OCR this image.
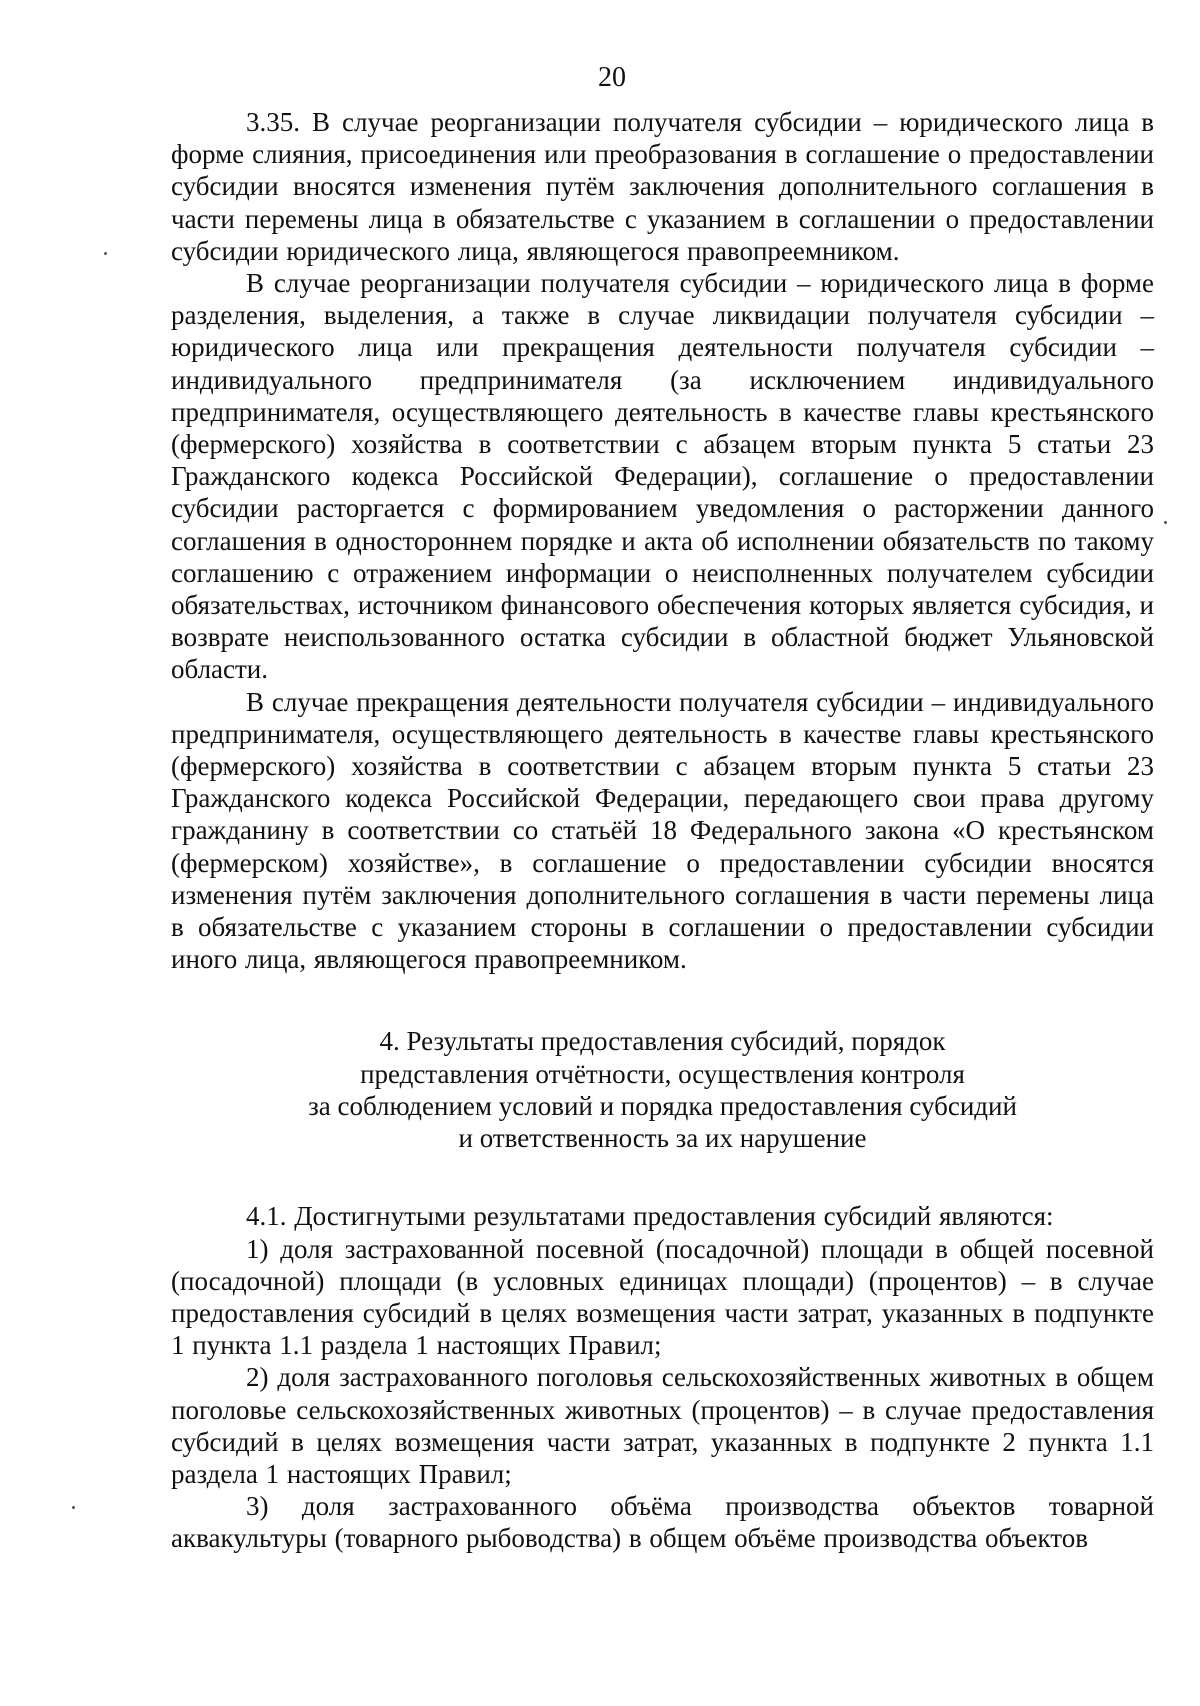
20

3.35. В случае реорганизации получателя субсидии – юридического лица в форме слияния, присоединения или преобразования в соглашение о предоставлении субсидии вносятся изменения путём заключения дополнительного соглашения в части перемены лица в обязательстве с указанием в соглашении о предоставлении субсидии юридического лица, являющегося правопреемником.

В случае реорганизации получателя субсидии – юридического лица в форме разделения, выделения, а также в случае ликвидации получателя субсидии – юридического лица или прекращения деятельности получателя субсидии – индивидуального предпринимателя (за исключением индивидуального предпринимателя, осуществляющего деятельность в качестве главы крестьянского (фермерского) хозяйства в соответствии с абзацем вторым пункта 5 статьи 23 Гражданского кодекса Российской Федерации), соглашение о предоставлении субсидии расторгается с формированием уведомления о расторжении данного соглашения в одностороннем порядке и акта об исполнении обязательств по такому соглашению с отражением информации о неисполненных получателем субсидии обязательствах, источником финансового обеспечения которых является субсидия, и возврате неиспользованного остатка субсидии в областной бюджет Ульяновской области.

В случае прекращения деятельности получателя субсидии – индивидуального предпринимателя, осуществляющего деятельность в качестве главы крестьянского (фермерского) хозяйства в соответствии с абзацем вторым пункта 5 статьи 23 Гражданского кодекса Российской Федерации, передающего свои права другому гражданину в соответствии со статьёй 18 Федерального закона «О крестьянском (фермерском) хозяйстве», в соглашение о предоставлении субсидии вносятся изменения путём заключения дополнительного соглашения в части перемены лица в обязательстве с указанием стороны в соглашении о предоставлении субсидии иного лица, являющегося правопреемником.

4. Результаты предоставления субсидий, порядок
представления отчётности, осуществления контроля
за соблюдением условий и порядка предоставления субсидий
и ответственность за их нарушение

4.1. Достигнутыми результатами предоставления субсидий являются:

1) доля застрахованной посевной (посадочной) площади в общей посевной (посадочной) площади (в условных единицах площади) (процентов) – в случае предоставления субсидий в целях возмещения части затрат, указанных в подпункте 1 пункта 1.1 раздела 1 настоящих Правил;

2) доля застрахованного поголовья сельскохозяйственных животных в общем поголовье сельскохозяйственных животных (процентов) – в случае предоставления субсидий в целях возмещения части затрат, указанных в подпункте 2 пункта 1.1 раздела 1 настоящих Правил;

3) доля застрахованного объёма производства объектов товарной аквакультуры (товарного рыбоводства) в общем объёме производства объектов
